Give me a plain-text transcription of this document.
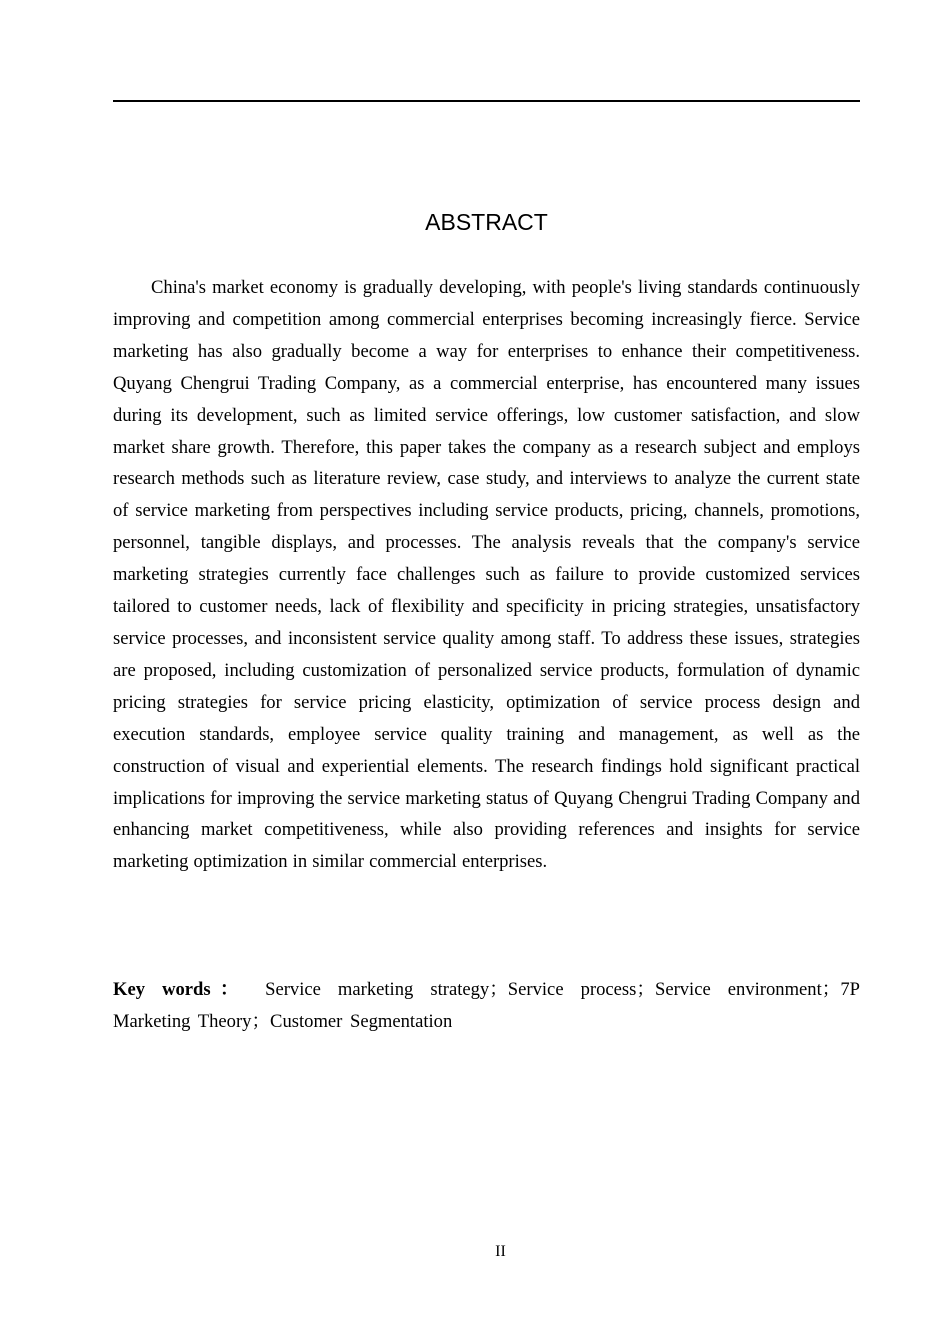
ABSTRACT

China's market economy is gradually developing, with people's living standards continuously improving and competition among commercial enterprises becoming increasingly fierce. Service marketing has also gradually become a way for enterprises to enhance their competitiveness. Quyang Chengrui Trading Company, as a commercial enterprise, has encountered many issues during its development, such as limited service offerings, low customer satisfaction, and slow market share growth. Therefore, this paper takes the company as a research subject and employs research methods such as literature review, case study, and interviews to analyze the current state of service marketing from perspectives including service products, pricing, channels, promotions, personnel, tangible displays, and processes. The analysis reveals that the company's service marketing strategies currently face challenges such as failure to provide customized services tailored to customer needs, lack of flexibility and specificity in pricing strategies, unsatisfactory service processes, and inconsistent service quality among staff. To address these issues, strategies are proposed, including customization of personalized service products, formulation of dynamic pricing strategies for service pricing elasticity, optimization of service process design and execution standards, employee service quality training and management, as well as the construction of visual and experiential elements. The research findings hold significant practical implications for improving the service marketing status of Quyang Chengrui Trading Company and enhancing market competitiveness, while also providing references and insights for service marketing optimization in similar commercial enterprises.

Key words： Service marketing strategy；Service process；Service environment；7P Marketing Theory；Customer Segmentation

II
